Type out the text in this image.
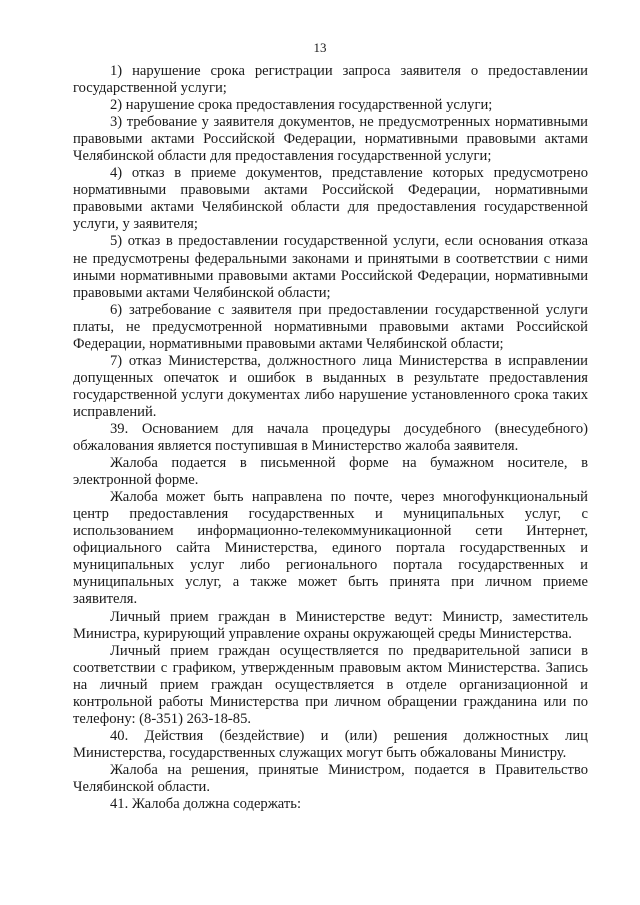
13

1) нарушение срока регистрации запроса заявителя о предоставлении государственной услуги;

2) нарушение срока предоставления государственной услуги;

3) требование у заявителя документов, не предусмотренных нормативными правовыми актами Российской Федерации, нормативными правовыми актами Челябинской области для предоставления государственной услуги;

4) отказ в приеме документов, представление которых предусмотрено нормативными правовыми актами Российской Федерации, нормативными правовыми актами Челябинской области для предоставления государственной услуги, у заявителя;

5) отказ в предоставлении государственной услуги, если основания отказа не предусмотрены федеральными законами и принятыми в соответствии с ними иными нормативными правовыми актами Российской Федерации, нормативными правовыми актами Челябинской области;

6) затребование с заявителя при предоставлении государственной услуги платы, не предусмотренной нормативными правовыми актами Российской Федерации, нормативными правовыми актами Челябинской области;

7) отказ Министерства, должностного лица Министерства в исправлении допущенных опечаток и ошибок в выданных в результате предоставления государственной услуги документах либо нарушение установленного срока таких исправлений.

39. Основанием для начала процедуры досудебного (внесудебного) обжалования является поступившая в Министерство жалоба заявителя.

Жалоба подается в письменной форме на бумажном носителе, в электронной форме.

Жалоба может быть направлена по почте, через многофункциональный центр предоставления государственных и муниципальных услуг, с использованием информационно-телекоммуникационной сети Интернет, официального сайта Министерства, единого портала государственных и муниципальных услуг либо регионального портала государственных и муниципальных услуг, а также может быть принята при личном приеме заявителя.

Личный прием граждан в Министерстве ведут: Министр, заместитель Министра, курирующий управление охраны окружающей среды Министерства.

Личный прием граждан осуществляется по предварительной записи в соответствии с графиком, утвержденным правовым актом Министерства. Запись на личный прием граждан осуществляется в отделе организационной и контрольной работы Министерства при личном обращении гражданина или по телефону: (8-351) 263-18-85.

40. Действия (бездействие) и (или) решения должностных лиц Министерства, государственных служащих могут быть обжалованы Министру.

Жалоба на решения, принятые Министром, подается в Правительство Челябинской области.

41. Жалоба должна содержать:
